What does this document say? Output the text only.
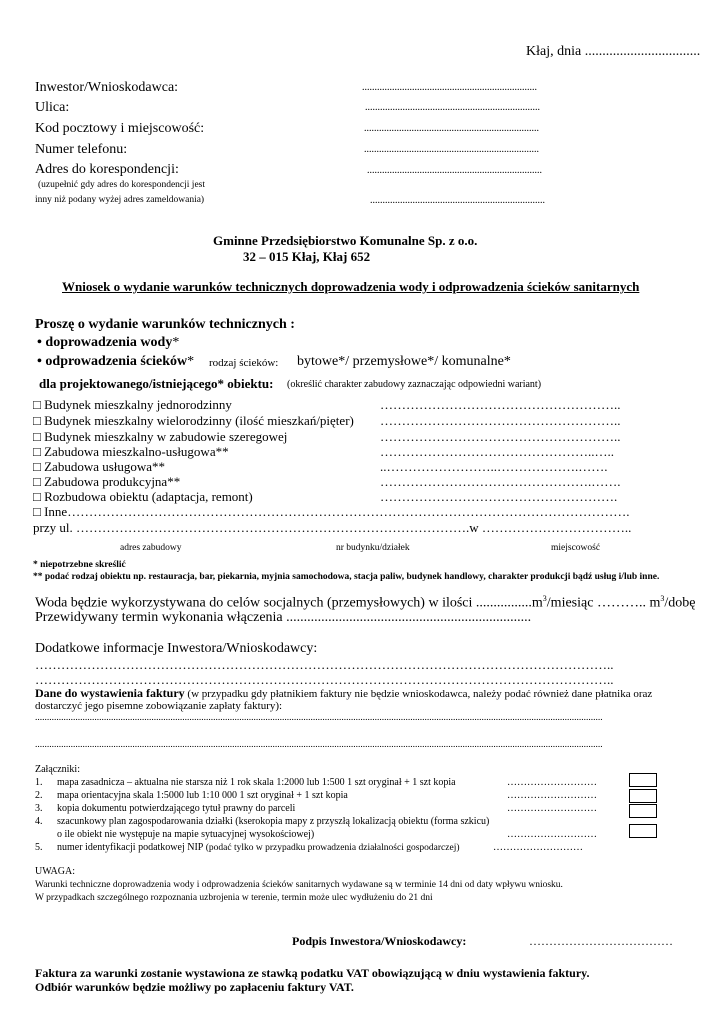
Kłaj, dnia .................................
Inwestor/Wnioskodawca:	......................................................................
Ulica:	......................................................................
Kod pocztowy i miejscowość:	......................................................................
Numer telefonu:	......................................................................
Adres do korespondencji:	......................................................................
(uzupełnić gdy adres do korespondencji jest
inny niż podany wyżej adres zameldowania)	......................................................................
Gminne Przedsiębiorstwo Komunalne Sp. z o.o.
32 – 015 Kłaj, Kłaj 652
Wniosek o wydanie warunków technicznych doprowadzenia wody i odprowadzenia ścieków sanitarnych
Proszę o wydanie warunków technicznych :
• doprowadzenia wody*
• odprowadzenia ścieków* rodzaj ścieków: bytowe*/ przemysłowe*/ komunalne*
dla projektowanego/istniejącego* obiektu: (określić charakter zabudowy zaznaczając odpowiedni wariant)
□ Budynek mieszkalny jednorodzinny	………………………………………………..
□ Budynek mieszkalny wielorodzinny (ilość mieszkań/pięter) ………………………………………………..
□ Budynek mieszkalny w zabudowie szeregowej	………………………………………………..
□ Zabudowa mieszkalno-usługowa**	…………………………………………..…..
□ Zabudowa usługowa**	..……………………..……………….…….
□ Zabudowa produkcyjna**	………………………………………….…….
□ Rozbudowa obiektu (adaptacja, remont)	……………………………………………….
□ Inne………………………………………………………………………………………………………………….
przy ul. ……………………………………………………………………………….w ……………………………..
adres zabudowy	nr budynku/działek	miejscowość
* niepotrzebne skreślić
** podać rodzaj obiektu np. restauracja, bar, piekarnia, myjnia samochodowa, stacja paliw, budynek handlowy, charakter produkcji bądź usług i/lub inne.
Woda będzie wykorzystywana do celów socjalnych (przemysłowych) w ilości $................m^3$/miesiąc ……….. $m^3$/dobę
Przewidywany termin wykonania włączenia ......................................................................
Dodatkowe informacje Inwestora/Wnioskodawcy:
……………………………………………………………………………………………………………………..
……………………………………………………………………………………………………………………..
Dane do wystawienia faktury (w przypadku gdy płatnikiem faktury nie będzie wnioskodawca, należy podać również dane płatnika oraz
dostarczyć jego pisemne zobowiązanie zapłaty faktury):
...............................................................................................................................................................................................................................................
...............................................................................................................................................................................................................................................
Załączniki:
1. mapa zasadnicza – aktualna nie starsza niż 1 rok skala 1:2000 lub 1:500 1 szt oryginał + 1 szt kopia	………………………
2. mapa orientacyjna skala 1:5000 lub 1:10 000 1 szt oryginał + 1 szt kopia	………………………
3. kopia dokumentu potwierdzającego tytuł prawny do parceli	………………………
4. szacunkowy plan zagospodarowania działki (kserokopia mapy z przyszłą lokalizacją obiektu (forma szkicu)
o ile obiekt nie występuje na mapie sytuacyjnej wysokościowej)	………………………
5. numer identyfikacji podatkowej NIP (podać tylko w przypadku prowadzenia działalności gospodarczej)	………………………
UWAGA:
Warunki techniczne doprowadzenia wody i odprowadzenia ścieków sanitarnych wydawane są w terminie 14 dni od daty wpływu wniosku.
W przypadkach szczególnego rozpoznania uzbrojenia w terenie, termin może ulec wydłużeniu do 21 dni
Podpis Inwestora/Wnioskodawcy:	………………………………
Faktura za warunki zostanie wystawiona ze stawką podatku VAT obowiązującą w dniu wystawienia faktury.
Odbiór warunków będzie możliwy po zapłaceniu faktury VAT.
